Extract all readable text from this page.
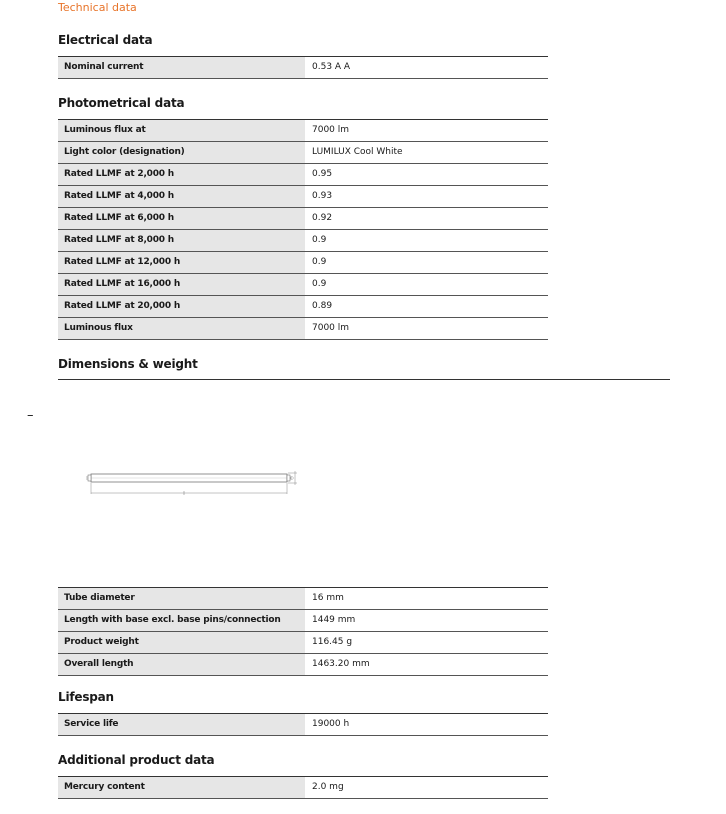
Technical data
Electrical data
Nominal current	0.53 A A
Photometrical data
Luminous flux at	7000 lm
Light color (designation)	LUMILUX Cool White
Rated LLMF at 2,000 h	0.95
Rated LLMF at 4,000 h	0.93
Rated LLMF at 6,000 h	0.92
Rated LLMF at 8,000 h	0.9
Rated LLMF at 12,000 h	0.9
Rated LLMF at 16,000 h	0.9
Rated LLMF at 20,000 h	0.89
Luminous flux	7000 lm
Dimensions & weight
–
Tube diameter	16 mm
Length with base excl. base pins/connection	1449 mm
Product weight	116.45 g
Overall length	1463.20 mm
Lifespan
Service life	19000 h
Additional product data
Mercury content	2.0 mg
